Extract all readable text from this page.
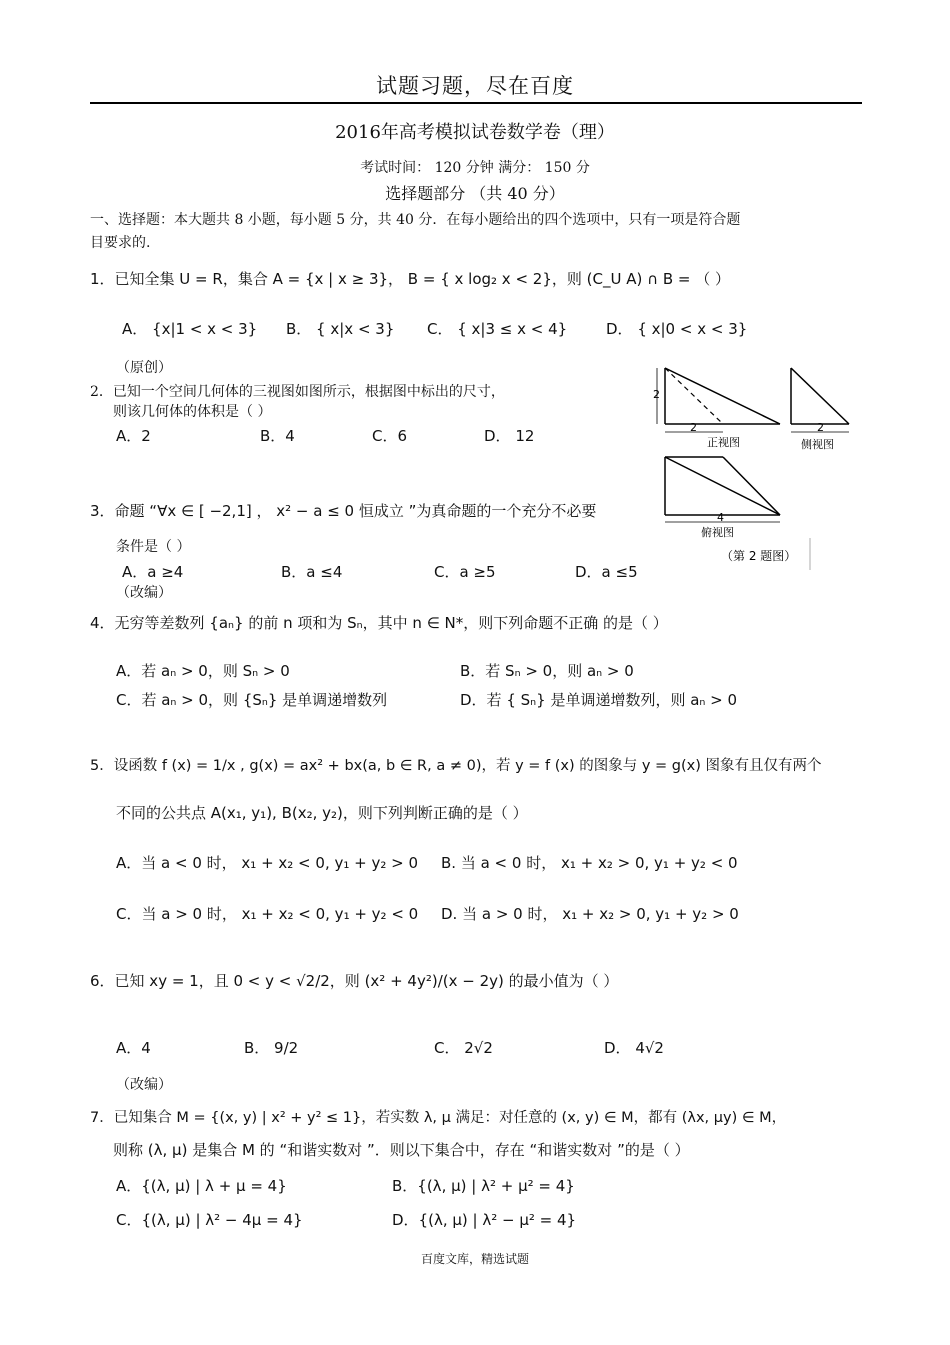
试题习题，尽在百度
2016年高考模拟试卷数学卷（理）
考试时间： 120 分钟 满分： 150 分
选择题部分 （共 40 分）
一、选择题：本大题共 8 小题，每小题 5 分，共 40 分．在每小题给出的四个选项中，只有一项是符合题
目要求的.
1．已知全集 U = R，集合 A = {x | x ≥ 3}， B = { x log₂ x < 2}，则 (C_U A) ∩ B = （ ）
A． {x|1 < x < 3} B． { x|x < 3} C． { x|3 ≤ x < 4}	D． { x|0 < x < 3}
（原创）
2．已知一个空间几何体的三视图如图所示，根据图中标出的尺寸，
则该几何体的体积是（ ）
A．2	B．4	C．6	D． 12
2
2
正视图
2
侧视图
4
俯视图
（第 2 题图）
3．命题 “∀x ∈ [ −2,1] ， x² − a ≤ 0 恒成立 ”为真命题的一个充分不必要
条件是（ ）
A．a ≥4	B．a ≤4	C．a ≥5	D．a ≤5
（改编）
4．无穷等差数列 {aₙ} 的前 n 项和为 Sₙ，其中 n ∈ N*，则下列命题不正确 的是（ ）
A．若 aₙ > 0，则 Sₙ > 0	B．若 Sₙ > 0，则 aₙ > 0
C．若 aₙ > 0，则 {Sₙ} 是单调递增数列	D．若 { Sₙ} 是单调递增数列，则 aₙ > 0
5．设函数 f (x) = 1/x , g(x) = ax² + bx(a, b ∈ R, a ≠ 0)，若 y = f (x) 的图象与 y = g(x) 图象有且仅有两个
不同的公共点 A(x₁, y₁), B(x₂, y₂)，则下列判断正确的是（ ）
A．当 a < 0 时， x₁ + x₂ < 0, y₁ + y₂ > 0 B. 当 a < 0 时， x₁ + x₂ > 0, y₁ + y₂ < 0
C．当 a > 0 时， x₁ + x₂ < 0, y₁ + y₂ < 0 D. 当 a > 0 时， x₁ + x₂ > 0, y₁ + y₂ > 0
6．已知 xy = 1，且 0 < y < √2/2，则 (x² + 4y²)/(x − 2y) 的最小值为（ ）
A．4	B． 9/2	C． 2√2	D． 4√2
（改编）
7．已知集合 M = {(x, y) | x² + y² ≤ 1}，若实数 λ, μ 满足：对任意的 (x, y) ∈ M，都有 (λx, μy) ∈ M，
则称 (λ, μ) 是集合 M 的 “和谐实数对 ”．则以下集合中，存在 “和谐实数对 ”的是（ ）
A．{(λ, μ) | λ + μ = 4}	B．{(λ, μ) | λ² + μ² = 4}
C．{(λ, μ) | λ² − 4μ = 4}	D．{(λ, μ) | λ² − μ² = 4}
百度文库，精选试题
